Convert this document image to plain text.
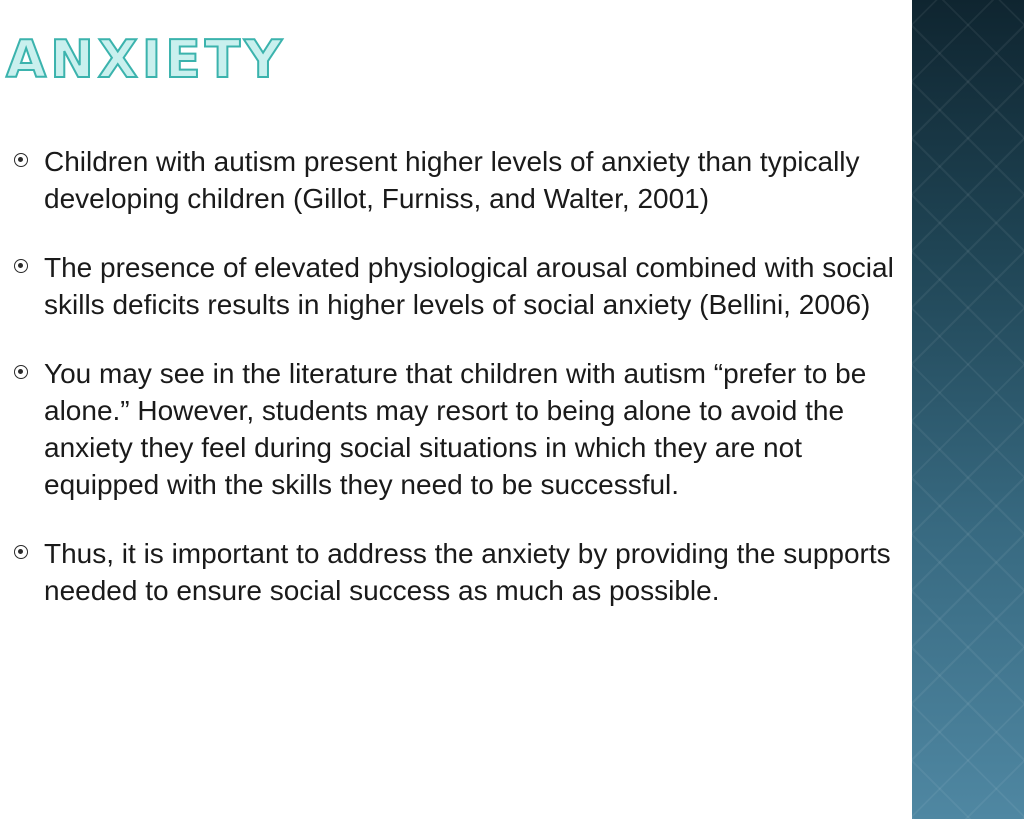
ANXIETY
Children with autism present higher levels of anxiety than typically developing children (Gillot, Furniss, and Walter, 2001)
The presence of elevated physiological arousal combined with social skills deficits results in higher levels of social anxiety (Bellini, 2006)
You may see in the literature that children with autism “prefer to be alone.” However, students may resort to being alone to avoid the anxiety they feel during social situations in which they are not equipped with the skills they need to be successful.
Thus, it is important to address the anxiety by providing the supports needed to ensure social success as much as possible.
